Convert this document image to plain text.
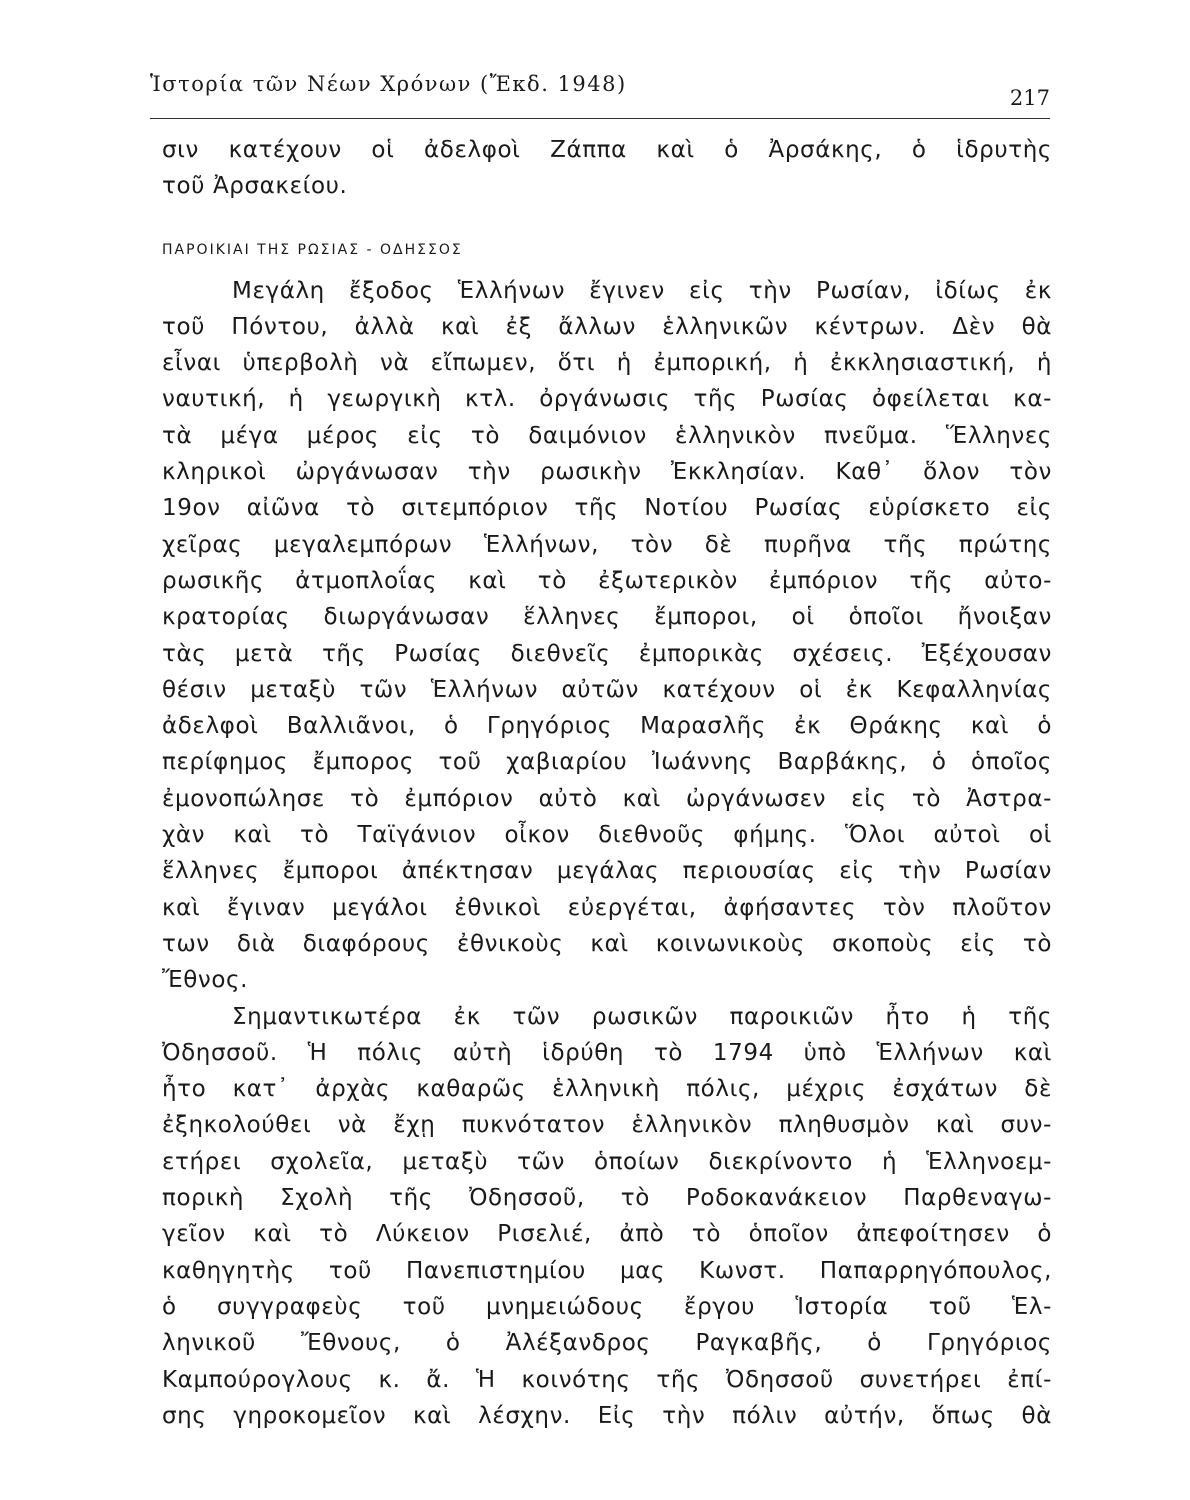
Ἱστορία τῶν Νέων Χρόνων (Ἔκδ. 1948)
217
σιν κατέχουν οἱ ἀδελφοὶ Ζάππα καὶ ὁ Ἀρσάκης, ὁ ἱδρυτὴς
τοῦ Ἀρσακείου.
ΠΑΡΟΙΚΙΑΙ ΤΗΣ ΡΩΣΙΑΣ - ΟΔΗΣΣΟΣ
Μεγάλη ἔξοδος Ἑλλήνων ἔγινεν εἰς τὴν Ρωσίαν, ἰδίως ἐκ
τοῦ Πόντου, ἀλλὰ καὶ ἐξ ἄλλων ἑλληνικῶν κέντρων. Δὲν θὰ
εἶναι ὑπερβολὴ νὰ εἴπωμεν, ὅτι ἡ ἐμπορική, ἡ ἐκκλησιαστική, ἡ
ναυτική, ἡ γεωργικὴ κτλ. ὀργάνωσις τῆς Ρωσίας ὀφείλεται κα-
τὰ μέγα μέρος εἰς τὸ δαιμόνιον ἑλληνικὸν πνεῦμα. Ἕλληνες
κληρικοὶ ὠργάνωσαν τὴν ρωσικὴν Ἐκκλησίαν. Καθ᾽ ὅλον τὸν
19ον αἰῶνα τὸ σιτεμπόριον τῆς Νοτίου Ρωσίας εὑρίσκετο εἰς
χεῖρας μεγαλεμπόρων Ἑλλήνων, τὸν δὲ πυρῆνα τῆς πρώτης
ρωσικῆς ἀτμοπλοΐας καὶ τὸ ἐξωτερικὸν ἐμπόριον τῆς αὐτο-
κρατορίας διωργάνωσαν ἕλληνες ἔμποροι, οἱ ὁποῖοι ἤνοιξαν
τὰς μετὰ τῆς Ρωσίας διεθνεῖς ἐμπορικὰς σχέσεις. Ἐξέχουσαν
θέσιν μεταξὺ τῶν Ἑλλήνων αὐτῶν κατέχουν οἱ ἐκ Κεφαλληνίας
ἀδελφοὶ Βαλλιᾶνοι, ὁ Γρηγόριος Μαρασλῆς ἐκ Θράκης καὶ ὁ
περίφημος ἔμπορος τοῦ χαβιαρίου Ἰωάννης Βαρβάκης, ὁ ὁποῖος
ἐμονοπώλησε τὸ ἐμπόριον αὐτὸ καὶ ὠργάνωσεν εἰς τὸ Ἀστρα-
χὰν καὶ τὸ Ταϊγάνιον οἶκον διεθνοῦς φήμης. Ὅλοι αὐτοὶ οἱ
ἕλληνες ἔμποροι ἀπέκτησαν μεγάλας περιουσίας εἰς τὴν Ρωσίαν
καὶ ἔγιναν μεγάλοι ἐθνικοὶ εὐεργέται, ἀφήσαντες τὸν πλοῦτον
των διὰ διαφόρους ἐθνικοὺς καὶ κοινωνικοὺς σκοποὺς εἰς τὸ
Ἔθνος.
Σημαντικωτέρα ἐκ τῶν ρωσικῶν παροικιῶν ἦτο ἡ τῆς
Ὀδησσοῦ. Ἡ πόλις αὐτὴ ἱδρύθη τὸ 1794 ὑπὸ Ἑλλήνων καὶ
ἦτο κατ᾽ ἀρχὰς καθαρῶς ἑλληνικὴ πόλις, μέχρις ἐσχάτων δὲ
ἐξηκολούθει νὰ ἔχῃ πυκνότατον ἑλληνικὸν πληθυσμὸν καὶ συν-
ετήρει σχολεῖα, μεταξὺ τῶν ὁποίων διεκρίνοντο ἡ Ἑλληνοεμ-
πορικὴ Σχολὴ τῆς Ὀδησσοῦ, τὸ Ροδοκανάκειον Παρθεναγω-
γεῖον καὶ τὸ Λύκειον Ρισελιέ, ἀπὸ τὸ ὁποῖον ἀπεφοίτησεν ὁ
καθηγητὴς τοῦ Πανεπιστημίου μας Κωνστ. Παπαρρηγόπουλος,
ὁ συγγραφεὺς τοῦ μνημειώδους ἔργου Ἱστορία τοῦ Ἑλ-
ληνικοῦ Ἔθνους, ὁ Ἀλέξανδρος Ραγκαβῆς, ὁ Γρηγόριος
Καμπούρογλους κ. ἄ. Ἡ κοινότης τῆς Ὀδησσοῦ συνετήρει ἐπί-
σης γηροκομεῖον καὶ λέσχην. Εἰς τὴν πόλιν αὐτήν, ὅπως θὰ
